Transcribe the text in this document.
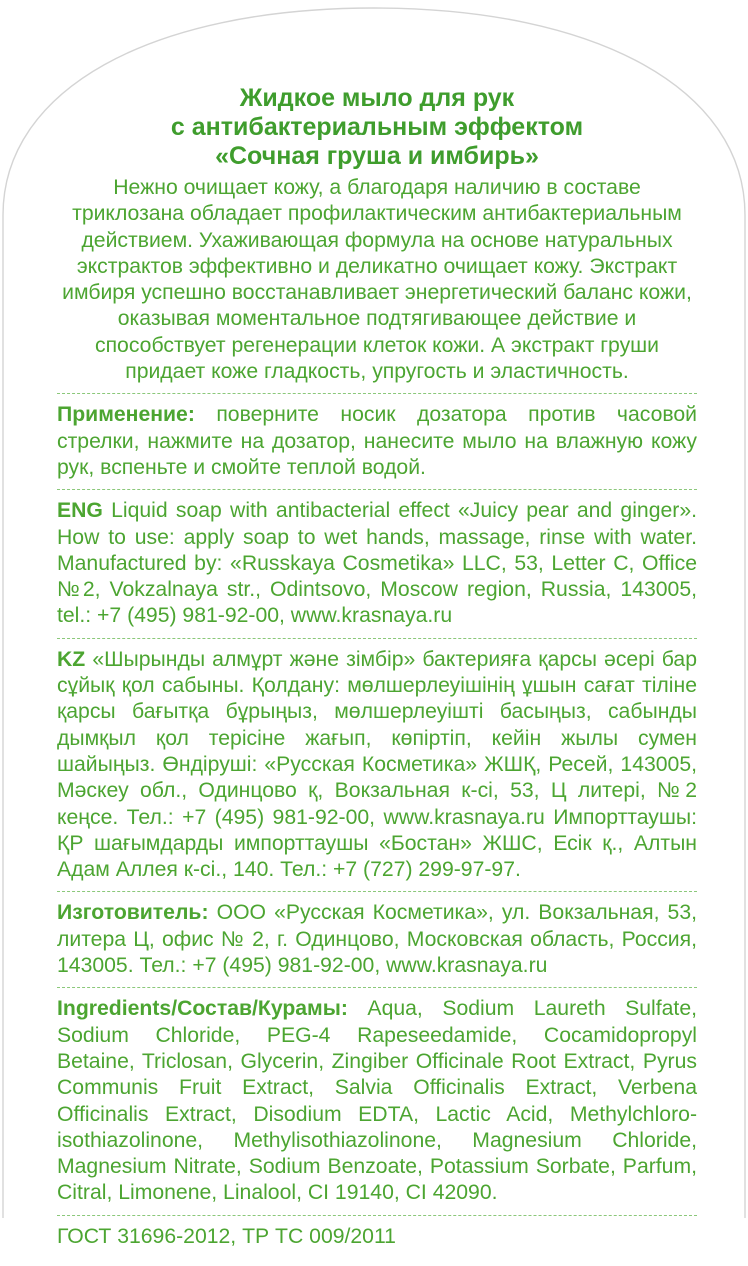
Жидкое мыло для рук
с антибактериальным эффектом
«Сочная груша и имбирь»

Нежно очищает кожу, а благодаря наличию в составе триклозана обладает профилактическим антибактериальным действием. Ухаживающая формула на основе натуральных экстрактов эффективно и деликатно очищает кожу. Экстракт имбиря успешно восстанавливает энергетический баланс кожи, оказывая моментальное подтягивающее действие и способствует регенерации клеток кожи. А экстракт груши придает коже гладкость, упругость и эластичность.

Применение: поверните носик дозатора против часовой стрелки, нажмите на дозатор, нанесите мыло на влажную кожу рук, вспеньте и смойте теплой водой.

ENG Liquid soap with antibacterial effect «Juicy pear and ginger». How to use: apply soap to wet hands, massage, rinse with water. Manufactured by: «Russkaya Cosmetika» LLC, 53, Letter C, Office №2, Vokzalnaya str., Odintsovo, Moscow region, Russia, 143005, tel.: +7 (495) 981-92-00, www.krasnaya.ru

KZ «Шырынды алмұрт және зімбір» бактерияға қарсы әсері бар сұйық қол сабыны. Қолдану: мөлшерлеуішінің ұшын сағат тіліне қарсы бағытқа бұрыңыз, мөлшерлеуішті басыңыз, сабынды дымқыл қол терісіне жағып, көпіртіп, кейін жылы сумен шайыңыз. Өндіруші: «Русская Косметика» ЖШҚ, Ресей, 143005, Мәскеу обл., Одинцово қ, Вокзальная к-сі, 53, Ц литері, №2 кеңсе. Тел.: +7 (495) 981-92-00, www.krasnaya.ru Импорттаушы: ҚР шағымдарды импорттаушы «Бостан» ЖШС, Есік қ., Алтын Адам Аллея к-сі., 140. Тел.: +7 (727) 299-97-97.

Изготовитель: ООО «Русская Косметика», ул. Вокзальная, 53, литера Ц, офис № 2, г. Одинцово, Московская область, Россия, 143005. Тел.: +7 (495) 981-92-00, www.krasnaya.ru

Ingredients/Состав/Курамы: Aqua, Sodium Laureth Sulfate, Sodium Chloride, PEG-4 Rapeseedamide, Cocamidopropyl Betaine, Triclosan, Glycerin, Zingiber Officinale Root Extract, Pyrus Communis Fruit Extract, Salvia Officinalis Extract, Verbena Officinalis Extract, Disodium EDTA, Lactic Acid, Methylchloroisothiazolinone, Methylisothiazolinone, Magnesium Chloride, Magnesium Nitrate, Sodium Benzoate, Potassium Sorbate, Parfum, Citral, Limonene, Linalool, CI 19140, CI 42090.

ГОСТ 31696-2012, ТР ТС 009/2011
